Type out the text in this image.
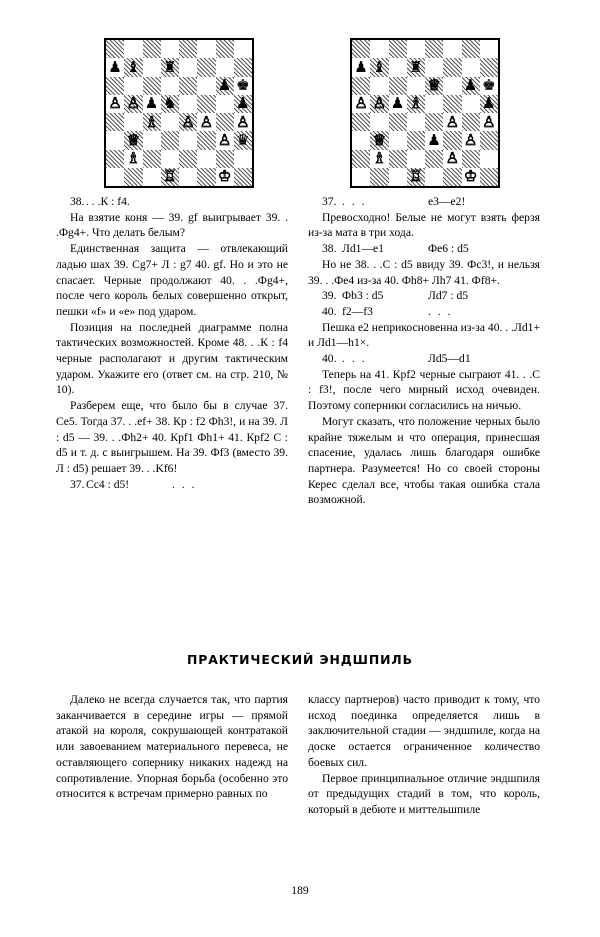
♟ ♝ ♜
♟ ♚
♙ ♙ ♟ ♞	♟
♗ ♙ ♙ ♙
♕	♙ ♛
♗
♖	♔
♟ ♝ ♜
♕ ♟ ♚
♙ ♙ ♟ ♗	♟
♙ ♙
♕	♟ ♙
♗	♙
♖	♔
38. . . .К : f4.

На взятие коня — 39. gf выигрывает 39. . .Фg4+. Что делать белым?

Единственная защита — отвлекающий ладью шах 39. Cg7+ Л : g7 40. gf. Но и это не спасает. Черные продолжают 40. . .Фg4+, после чего король белых совершенно открыт, пешки «f» и «e» под ударом.

Позиция на последней диаграмме полна тактических возможностей. Кроме 48. . .К : f4 черные располагают и другим тактическим ударом. Укажите его (ответ см. на стр. 210, № 10).

Разберем еще, что было бы в случае 37. Ce5. Тогда 37. . .ef+ 38. Кр : f2 Фh3!, и на 39. Л : d5 — 39. . .Фh2+ 40. Крf1 Фh1+ 41. Крf2 C : d5 и т. д. с выигрышем. На 39. Фf3 (вместо 39. Л : d5) решает 39. . .Kf6!

37. Cc4 : d5!	. . .
37. . . .	e3—e2!

Превосходно! Белые не могут взять ферзя из-за мата в три хода.

38. Лd1—e1	Фe6 : d5

Но не 38. . .C : d5 ввиду 39. Фc3!, и нельзя 39. . .Фe4 из-за 40. Фh8+ Лh7 41. Фf8+.

39. Фb3 : d5	Лd7 : d5
40. f2—f3	. . .

Пешка e2 неприкосновенна из-за 40. . .Лd1+ и Лd1—h1×.

40. . . .	Лd5—d1

Теперь на 41. Крf2 черные сыграют 41. . .C : f3!, после чего мирный исход очевиден. Поэтому соперники согласились на ничью.

Могут сказать, что положение черных было крайне тяжелым и что операция, принесшая спасение, удалась лишь благодаря ошибке партнера. Разумеется! Но со своей стороны Керес сделал все, чтобы такая ошибка стала возможной.

ПРАКТИЧЕСКИЙ ЭНДШПИЛЬ

Далеко не всегда случается так, что партия заканчивается в середине игры — прямой атакой на короля, сокрушающей контратакой или завоеванием материального перевеса, не оставляющего сопернику никаких надежд на сопротивление. Упорная борьба (особенно это относится к встречам примерно равных по

классу партнеров) часто приводит к тому, что исход поединка определяется лишь в заключительной стадии — эндшпиле, когда на доске остается ограниченное количество боевых сил.

Первое принципиальное отличие эндшпиля от предыдущих стадий в том, что король, который в дебюте и миттельшпиле

189
